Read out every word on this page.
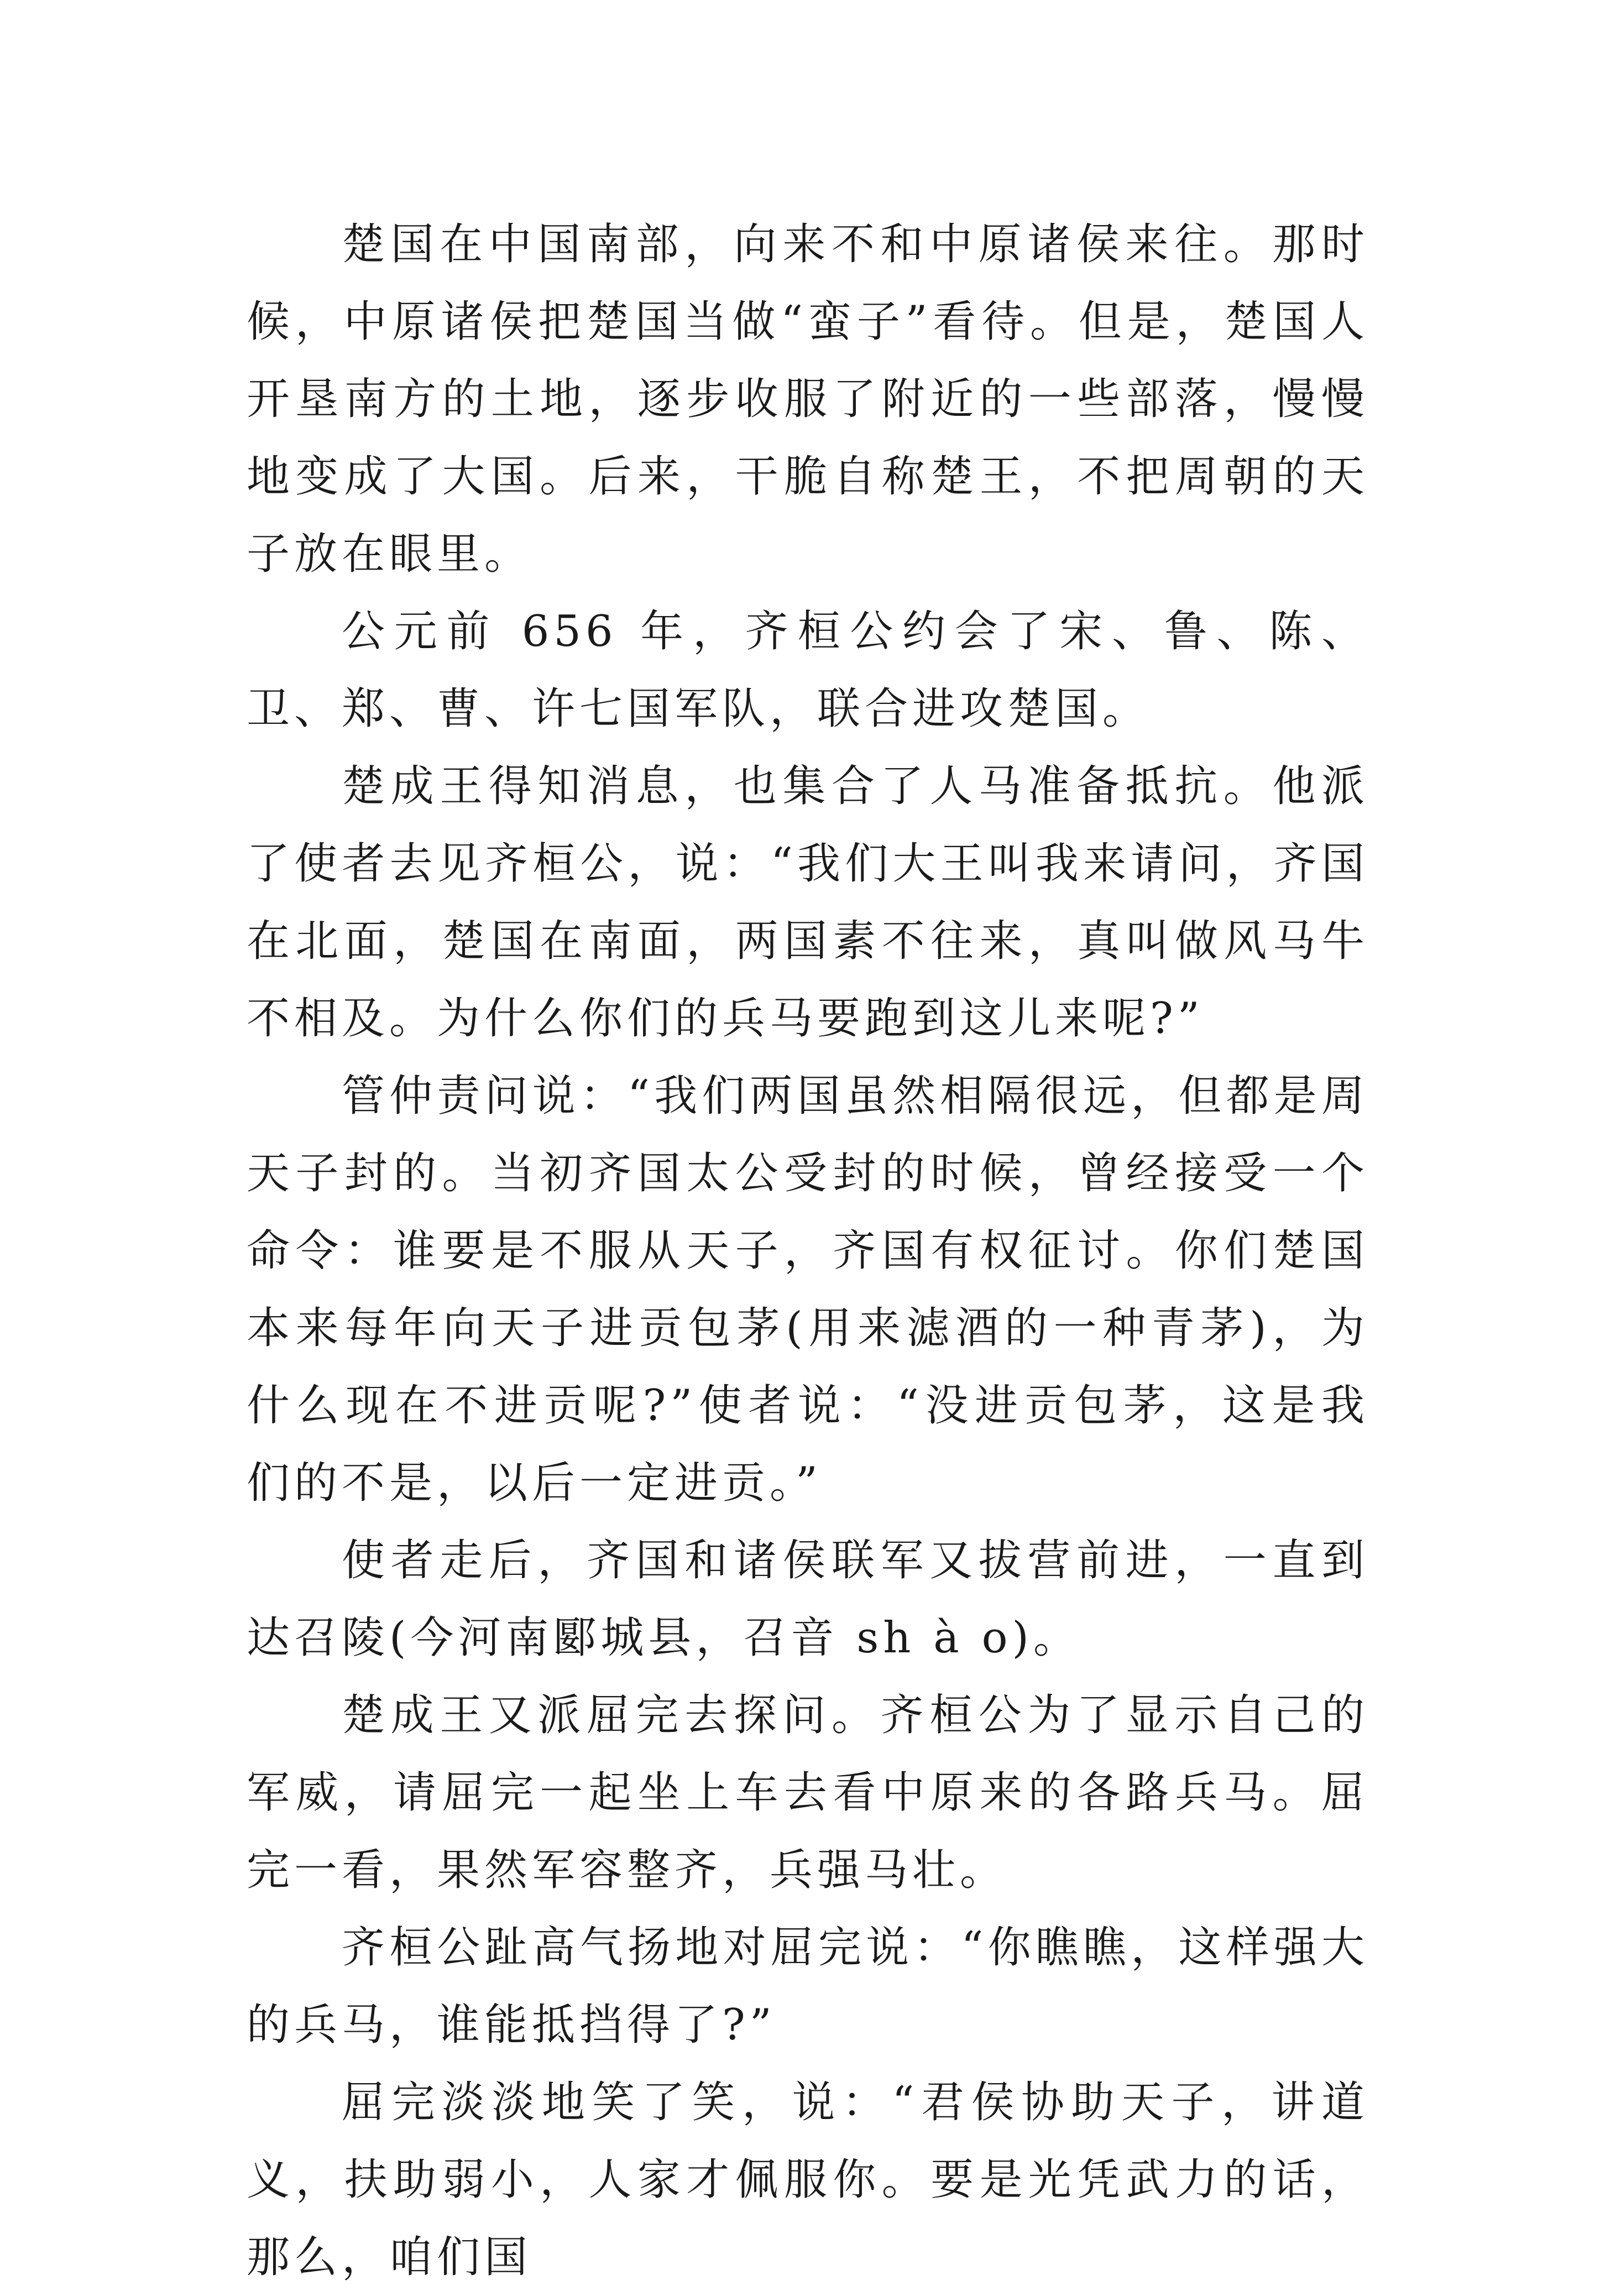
楚国在中国南部，向来不和中原诸侯来往。那时候，中原诸侯把楚国当做“蛮子”看待。但是，楚国人开垦南方的土地，逐步收服了附近的一些部落，慢慢地变成了大国。后来，干脆自称楚王，不把周朝的天子放在眼里。

公元前 656 年，齐桓公约会了宋、鲁、陈、卫、郑、曹、许七国军队，联合进攻楚国。

楚成王得知消息，也集合了人马准备抵抗。他派了使者去见齐桓公，说：“我们大王叫我来请问，齐国在北面，楚国在南面，两国素不往来，真叫做风马牛不相及。为什么你们的兵马要跑到这儿来呢?”

管仲责问说：“我们两国虽然相隔很远，但都是周天子封的。当初齐国太公受封的时候，曾经接受一个命令：谁要是不服从天子，齐国有权征讨。你们楚国本来每年向天子进贡包茅(用来滤酒的一种青茅)，为什么现在不进贡呢?”使者说：“没进贡包茅，这是我们的不是，以后一定进贡。”

使者走后，齐国和诸侯联军又拔营前进，一直到达召陵(今河南郾城县，召音 sh à o)。

楚成王又派屈完去探问。齐桓公为了显示自己的军威，请屈完一起坐上车去看中原来的各路兵马。屈完一看，果然军容整齐，兵强马壮。

齐桓公趾高气扬地对屈完说：“你瞧瞧，这样强大的兵马，谁能抵挡得了?”

屈完淡淡地笑了笑，说：“君侯协助天子，讲道义，扶助弱小，人家才佩服你。要是光凭武力的话，那么，咱们国
